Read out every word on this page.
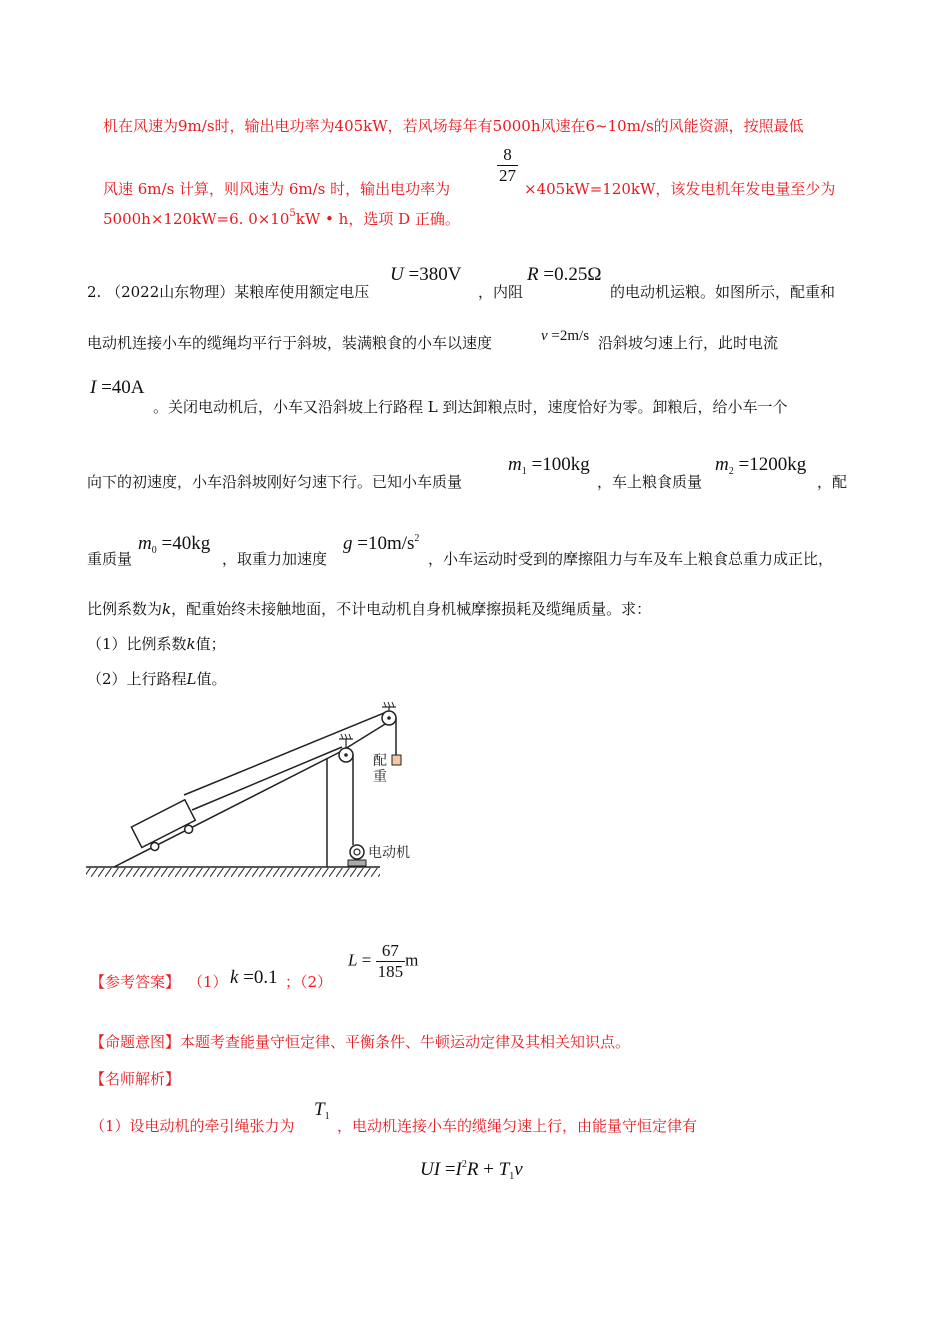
机在风速为9m/s时，输出电功率为405kW，若风场每年有5000h风速在6~10m/s的风能资源，按照最低
$\frac{8}{27}$
风速 6m/s 计算，则风速为 6m/s 时，输出电功率为	×405kW=120kW，该发电机年发电量至少为
5000h×120kW=6. $0\times 10^5kW$ • h，选项 D 正确。
2. （2022山东物理）某粮库使用额定电压
U =380V
，内阻
R =0.25Ω
的电动机运粮。如图所示，配重和
电动机连接小车的缆绳均平行于斜坡，装满粮食的小车以速度	v =2m/s 沿斜坡匀速上行，此时电流
I =40A
。关闭电动机后，小车又沿斜坡上行路程 L 到达卸粮点时，速度恰好为零。卸粮后，给小车一个
向下的初速度，小车沿斜坡刚好匀速下行。已知小车质量
$m_1 =100kg$
，车上粮食质量
$m_2 =1200kg$
，配
重质量
$m_0 =40kg$
，取重力加速度
$g =10m/s^2$
，小车运动时受到的摩擦阻力与车及车上粮食总重力成正比，
比例系数为k，配重始终未接触地面，不计电动机自身机械摩擦损耗及缆绳质量。求：
（1）比例系数k值；
（2）上行路程L值。
配
重
电动机
【参考答案】 （1） k =0.1 ；（2）
$L = \frac{67}{185}$ m
【命题意图】本题考查能量守恒定律、平衡条件、牛顿运动定律及其相关知识点。
【名师解析】
（1）设电动机的牵引绳张力为
$T_1$
，电动机连接小车的缆绳匀速上行，由能量守恒定律有
UI $=I^2R + T_1v$
